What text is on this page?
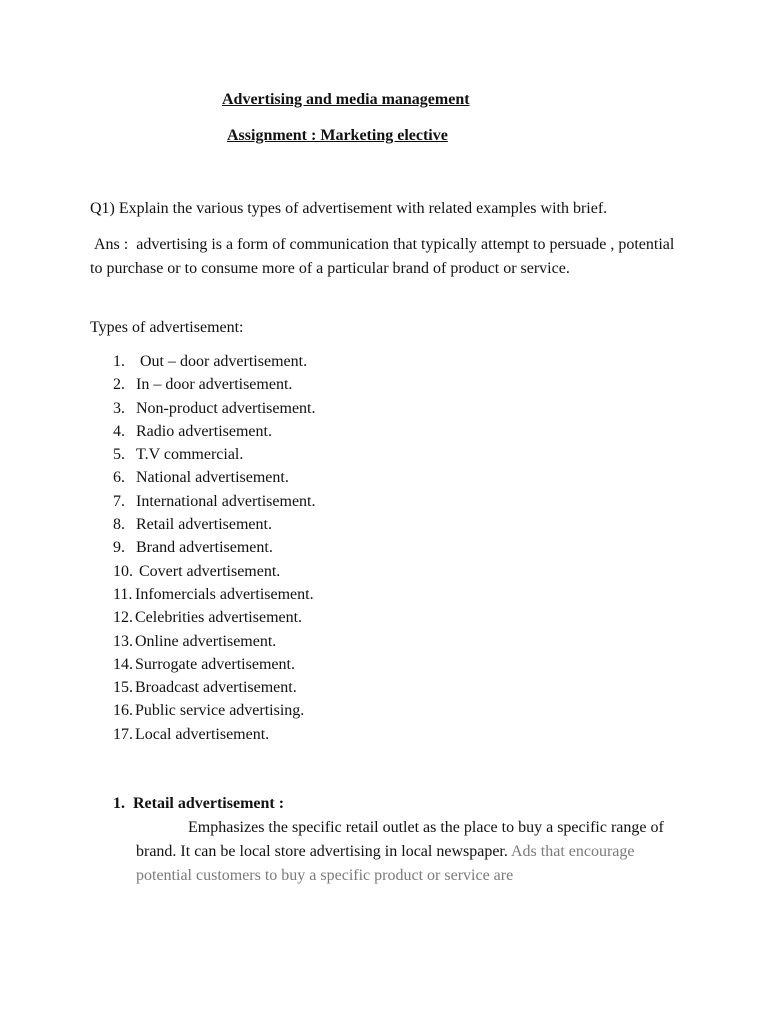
Advertising and media management
Assignment : Marketing elective
Q1) Explain the various types of advertisement with related examples with brief.
Ans :  advertising is a form of communication that typically attempt to persuade , potential to purchase or to consume more of a particular brand of product or service.
Types of advertisement:
1. Out – door advertisement.
2. In – door advertisement.
3. Non-product advertisement.
4. Radio advertisement.
5. T.V commercial.
6. National advertisement.
7. International advertisement.
8. Retail advertisement.
9. Brand advertisement.
10. Covert advertisement.
11. Infomercials advertisement.
12. Celebrities advertisement.
13. Online advertisement.
14. Surrogate advertisement.
15. Broadcast advertisement.
16. Public service advertising.
17. Local advertisement.
1.  Retail advertisement :
Emphasizes the specific retail outlet as the place to buy a specific range of brand. It can be local store advertising in local newspaper. Ads that encourage potential customers to buy a specific product or service are
